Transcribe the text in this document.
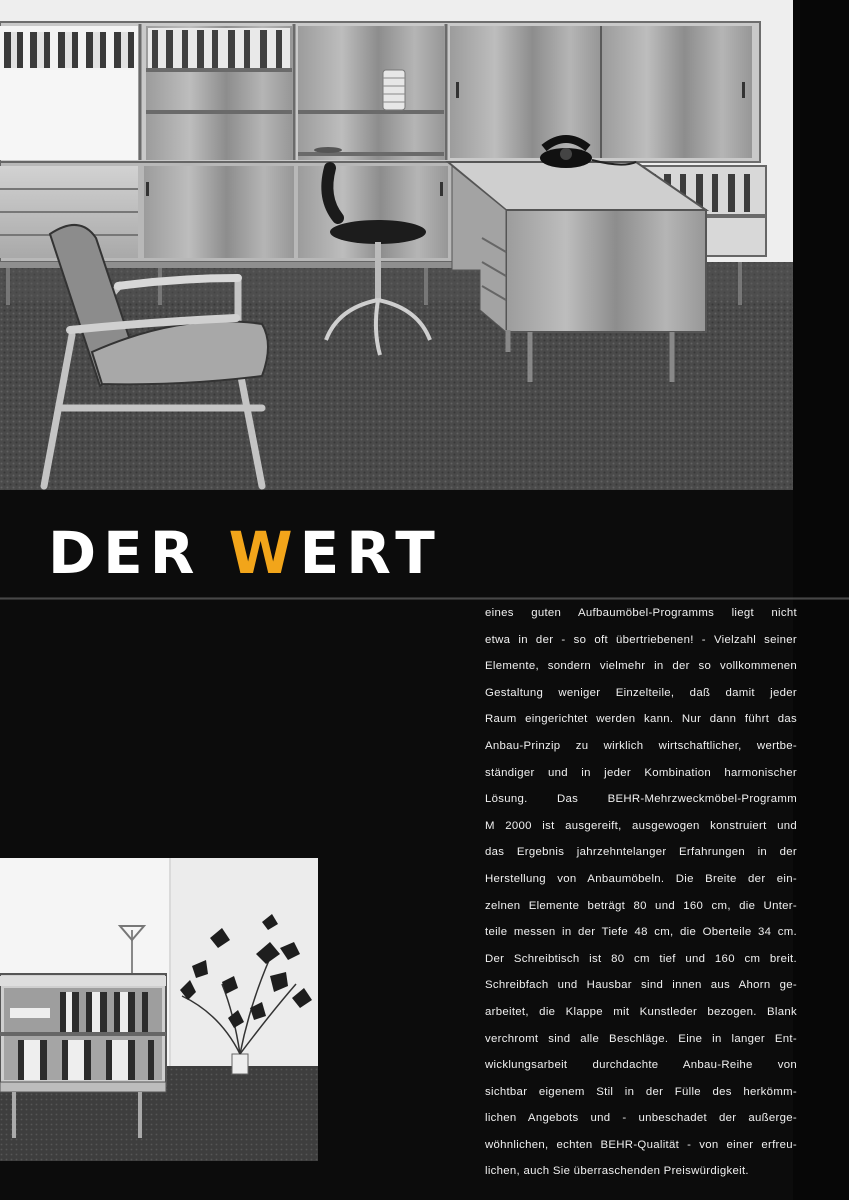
DER WERT
eines guten Aufbaumöbel-Programms liegt nicht
etwa in der - so oft übertriebenen! - Vielzahl seiner
Elemente, sondern vielmehr in der so vollkommenen
Gestaltung weniger Einzelteile, daß damit jeder
Raum eingerichtet werden kann. Nur dann führt das
Anbau-Prinzip zu wirklich wirtschaftlicher, wertbe-
ständiger und in jeder Kombination harmonischer
Lösung. Das BEHR-Mehrzweckmöbel-Programm
M 2000 ist ausgereift, ausgewogen konstruiert und
das Ergebnis jahrzehntelanger Erfahrungen in der
Herstellung von Anbaumöbeln. Die Breite der ein-
zelnen Elemente beträgt 80 und 160 cm, die Unter-
teile messen in der Tiefe 48 cm, die Oberteile 34 cm.
Der Schreibtisch ist 80 cm tief und 160 cm breit.
Schreibfach und Hausbar sind innen aus Ahorn ge-
arbeitet, die Klappe mit Kunstleder bezogen. Blank
verchromt sind alle Beschläge. Eine in langer Ent-
wicklungsarbeit durchdachte Anbau-Reihe von
sichtbar eigenem Stil in der Fülle des herkömm-
lichen Angebots und - unbeschadet der außerge-
wöhnlichen, echten BEHR-Qualität - von einer erfreu-
lichen, auch Sie überraschenden Preiswürdigkeit.
